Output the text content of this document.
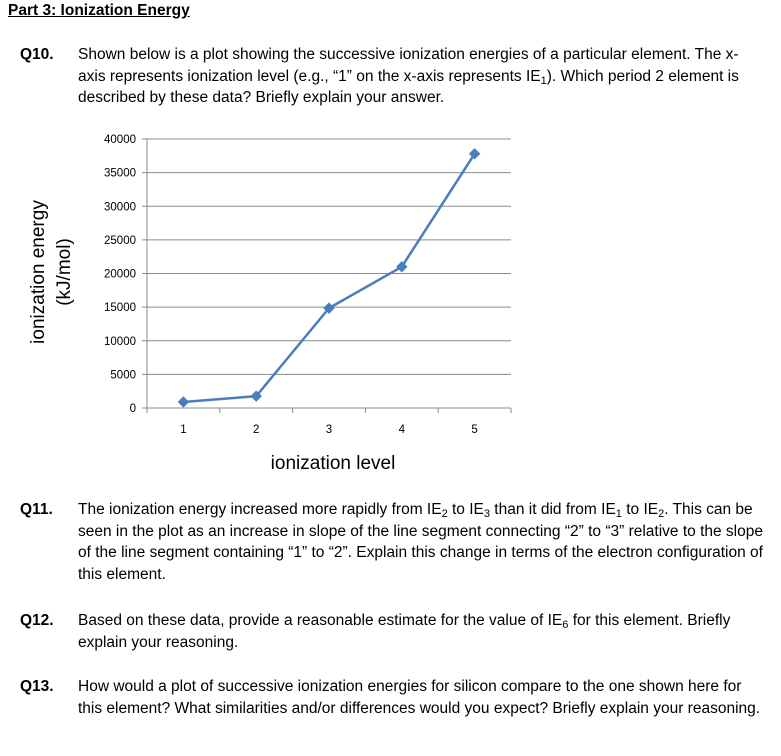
Part 3: Ionization Energy
Q10.	Shown below is a plot showing the successive ionization energies of a particular element. The x-axis represents ionization level (e.g., “1” on the x-axis represents $IE_1$). Which period 2 element is described by these data? Briefly explain your answer.
0
5000
10000
15000
20000
25000
30000
35000
40000
1	2	3	4	5
ionization level
ionization energy (kJ/mol)
Q11.	The ionization energy increased more rapidly from $IE_2$ to $IE_3$ than it did from $IE_1$ to $IE_2$. This can be seen in the plot as an increase in slope of the line segment connecting “2” to “3” relative to the slope of the line segment containing “1” to “2”. Explain this change in terms of the electron configuration of this element.
Q12.	Based on these data, provide a reasonable estimate for the value of $IE_6$ for this element. Briefly explain your reasoning.
Q13.	How would a plot of successive ionization energies for silicon compare to the one shown here for this element? What similarities and/or differences would you expect? Briefly explain your reasoning.
